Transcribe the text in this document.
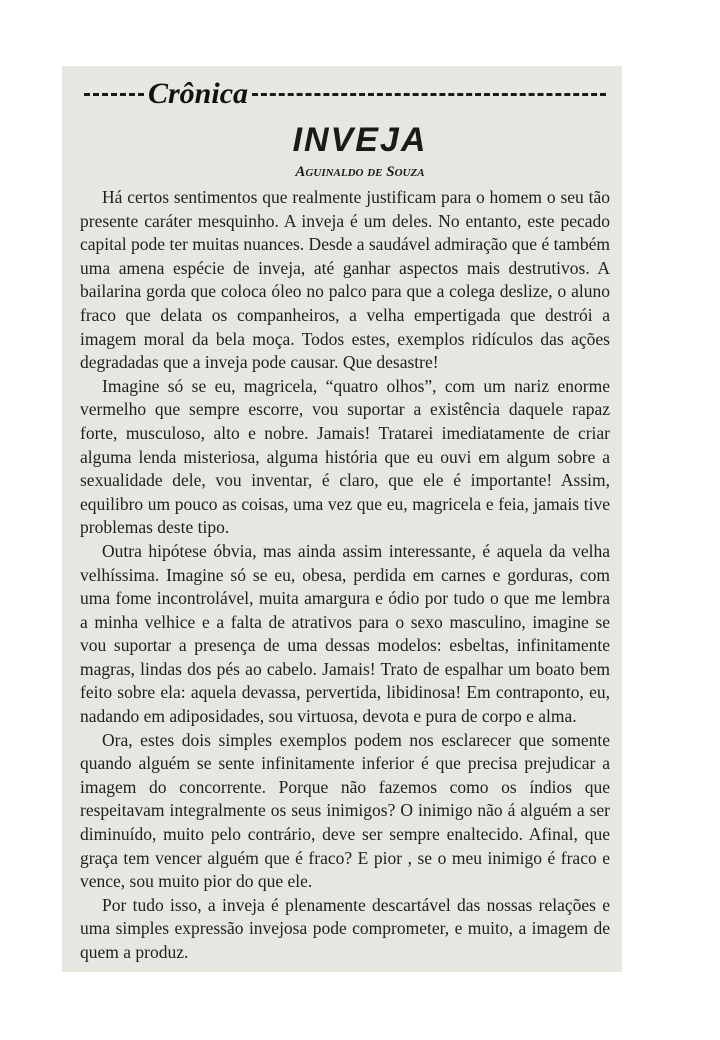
Crônica
INVEJA
Aguinaldo de Souza

Há certos sentimentos que realmente justificam para o homem o seu tão presente caráter mesquinho. A inveja é um deles. No entanto, este pecado capital pode ter muitas nuances. Desde a saudável admiração que é também uma amena espécie de inveja, até ganhar aspectos mais destrutivos. A bailarina gorda que coloca óleo no palco para que a colega deslize, o aluno fraco que delata os companheiros, a velha empertigada que destrói a imagem moral da bela moça. Todos estes, exemplos ridículos das ações degradadas que a inveja pode causar. Que desastre!

Imagine só se eu, magricela, “quatro olhos”, com um nariz enorme vermelho que sempre escorre, vou suportar a existência daquele rapaz forte, musculoso, alto e nobre. Jamais! Tratarei imediatamente de criar alguma lenda misteriosa, alguma história que eu ouvi em algum sobre a sexualidade dele, vou inventar, é claro, que ele é importante! Assim, equilibro um pouco as coisas, uma vez que eu, magricela e feia, jamais tive problemas deste tipo.

Outra hipótese óbvia, mas ainda assim interessante, é aquela da velha velhíssima. Imagine só se eu, obesa, perdida em carnes e gorduras, com uma fome incontrolável, muita amargura e ódio por tudo o que me lembra a minha velhice e a falta de atrativos para o sexo masculino, imagine se vou suportar a presença de uma dessas modelos: esbeltas, infinitamente magras, lindas dos pés ao cabelo. Jamais! Trato de espalhar um boato bem feito sobre ela: aquela devassa, pervertida, libidinosa! Em contraponto, eu, nadando em adiposidades, sou virtuosa, devota e pura de corpo e alma.

Ora, estes dois simples exemplos podem nos esclarecer que somente quando alguém se sente infinitamente inferior é que precisa prejudicar a imagem do concorrente. Porque não fazemos como os índios que respeitavam integralmente os seus inimigos? O inimigo não á alguém a ser diminuído, muito pelo contrário, deve ser sempre enaltecido. Afinal, que graça tem vencer alguém que é fraco? E pior , se o meu inimigo é fraco e vence, sou muito pior do que ele.

Por tudo isso, a inveja é plenamente descartável das nossas relações e uma simples expressão invejosa pode comprometer, e muito, a imagem de quem a produz.
